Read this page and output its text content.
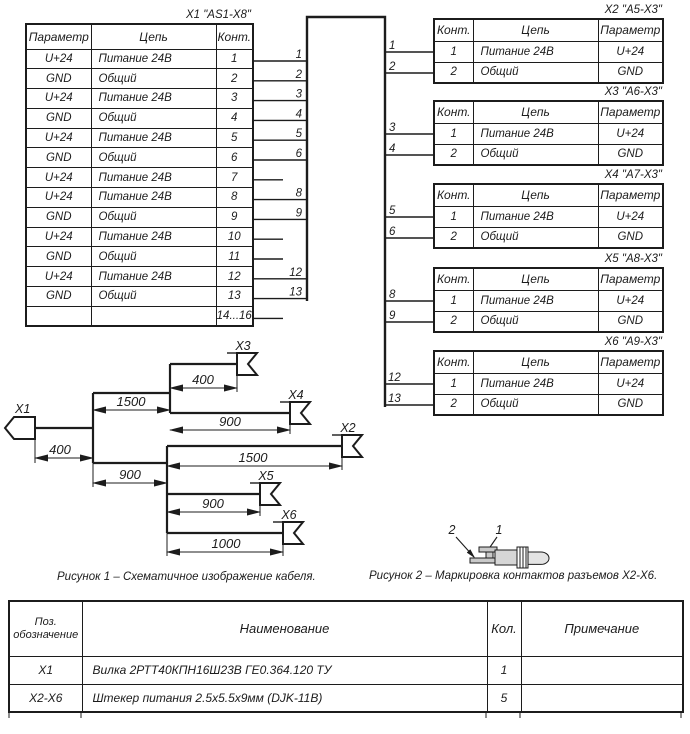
X1 "AS1-X8"
Параметр	Цепь	Конт.
U+24	Питание 24В	1
GND	Общий	2
U+24	Питание 24В	3
GND	Общий	4
U+24	Питание 24В	5
GND	Общий	6
U+24	Питание 24В	7
U+24	Питание 24В	8
GND	Общий	9
U+24	Питание 24В	10
GND	Общий	11
U+24	Питание 24В	12
GND	Общий	13
		14...16
X2 "A5-X3"
Конт.	Цепь	Параметр
1	Питание 24В	U+24
2	Общий	GND
X3 "A6-X3"
Конт.	Цепь	Параметр
1	Питание 24В	U+24
2	Общий	GND
X4 "A7-X3"
Конт.	Цепь	Параметр
1	Питание 24В	U+24
2	Общий	GND
X5 "A8-X3"
Конт.	Цепь	Параметр
1	Питание 24В	U+24
2	Общий	GND
X6 "A9-X3"
Конт.	Цепь	Параметр
1	Питание 24В	U+24
2	Общий	GND
1
2
3
4
5
6
8
9
12
13
1
2
3
4
5
6
8
9
12
13
400
1500
400
900
900
1500
900
1000
X1
X3
X4
X2
X5
X6
2	1
Рисунок 1 – Схематичное изображение кабеля.	Рисунок 2 – Маркировка контактов разъемов X2-X6.
Поз.
обозначение	Наименование	Кол.	Примечание
X1	Вилка 2РТТ40КПН16Ш23В ГЕ0.364.120 ТУ	1	
X2-X6	Штекер питания 2.5x5.5x9мм (DJK-11B)	5	
